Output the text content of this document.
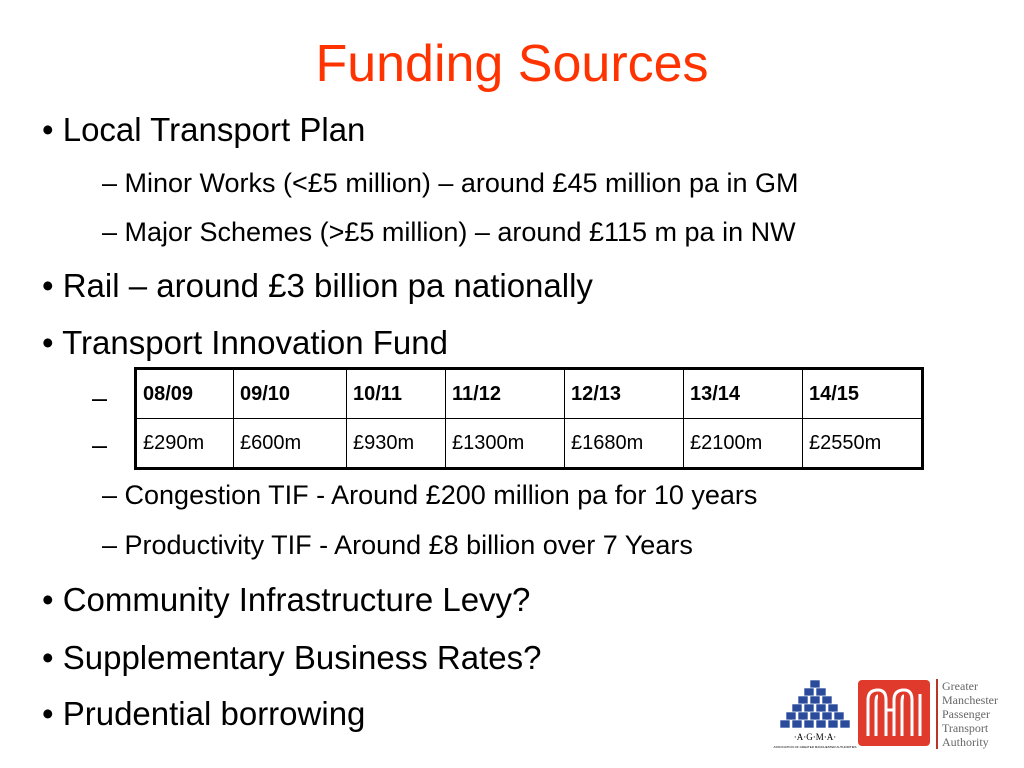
Funding Sources
• Local Transport Plan
– Minor Works (<£5 million) – around £45 million pa in GM
– Major Schemes (>£5 million) – around £115 m pa in NW
• Rail – around £3 billion pa nationally
• Transport Innovation Fund
–
–
08/09	09/10	10/11	11/12	12/13	13/14	14/15
£290m	£600m	£930m	£1300m	£1680m	£2100m	£2550m
– Congestion TIF - Around £200 million pa for 10 years
– Productivity TIF - Around £8 billion over 7 Years
• Community Infrastructure Levy?
• Supplementary Business Rates?
• Prudential borrowing
·A·G·M·A·
ASSOCIATION OF GREATER MANCHESTER AUTHORITIES
Greater
Manchester
Passenger
Transport
Authority
